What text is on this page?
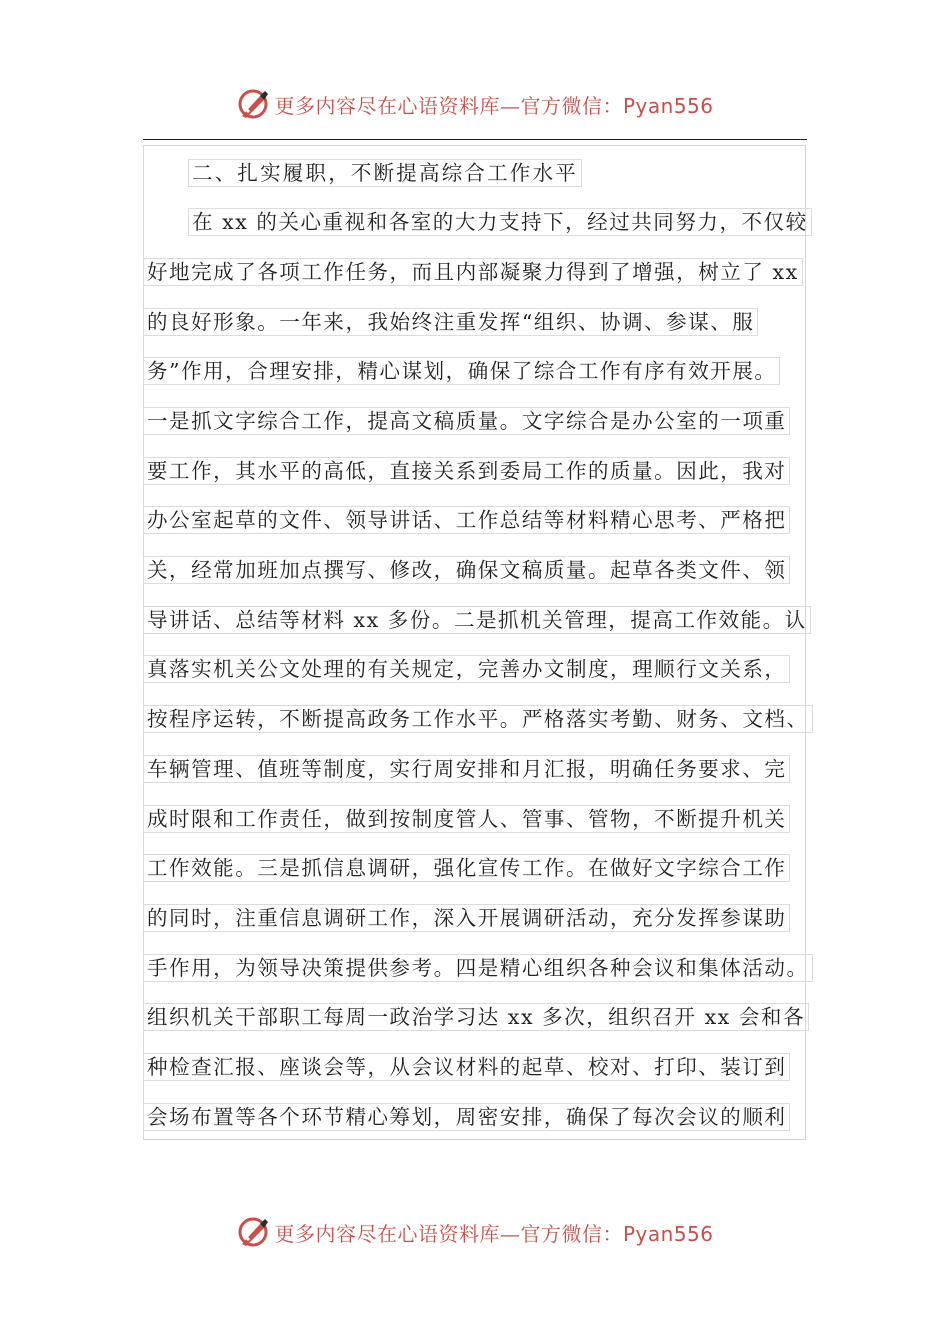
更多内容尽在心语资料库—官方微信：Pyan556
二、扎实履职，不断提高综合工作水平
在 xx 的关心重视和各室的大力支持下，经过共同努力，不仅较
好地完成了各项工作任务，而且内部凝聚力得到了增强，树立了 xx
的良好形象。一年来，我始终注重发挥“组织、协调、参谋、服
务”作用，合理安排，精心谋划，确保了综合工作有序有效开展。
一是抓文字综合工作，提高文稿质量。文字综合是办公室的一项重
要工作，其水平的高低，直接关系到委局工作的质量。因此，我对
办公室起草的文件、领导讲话、工作总结等材料精心思考、严格把
关，经常加班加点撰写、修改，确保文稿质量。起草各类文件、领
导讲话、总结等材料 xx 多份。二是抓机关管理，提高工作效能。认
真落实机关公文处理的有关规定，完善办文制度，理顺行文关系，
按程序运转，不断提高政务工作水平。严格落实考勤、财务、文档、
车辆管理、值班等制度，实行周安排和月汇报，明确任务要求、完
成时限和工作责任，做到按制度管人、管事、管物，不断提升机关
工作效能。三是抓信息调研，强化宣传工作。在做好文字综合工作
的同时，注重信息调研工作，深入开展调研活动，充分发挥参谋助
手作用，为领导决策提供参考。四是精心组织各种会议和集体活动。
组织机关干部职工每周一政治学习达 xx 多次，组织召开 xx 会和各
种检查汇报、座谈会等，从会议材料的起草、校对、打印、装订到
会场布置等各个环节精心筹划，周密安排，确保了每次会议的顺利
更多内容尽在心语资料库—官方微信：Pyan556
